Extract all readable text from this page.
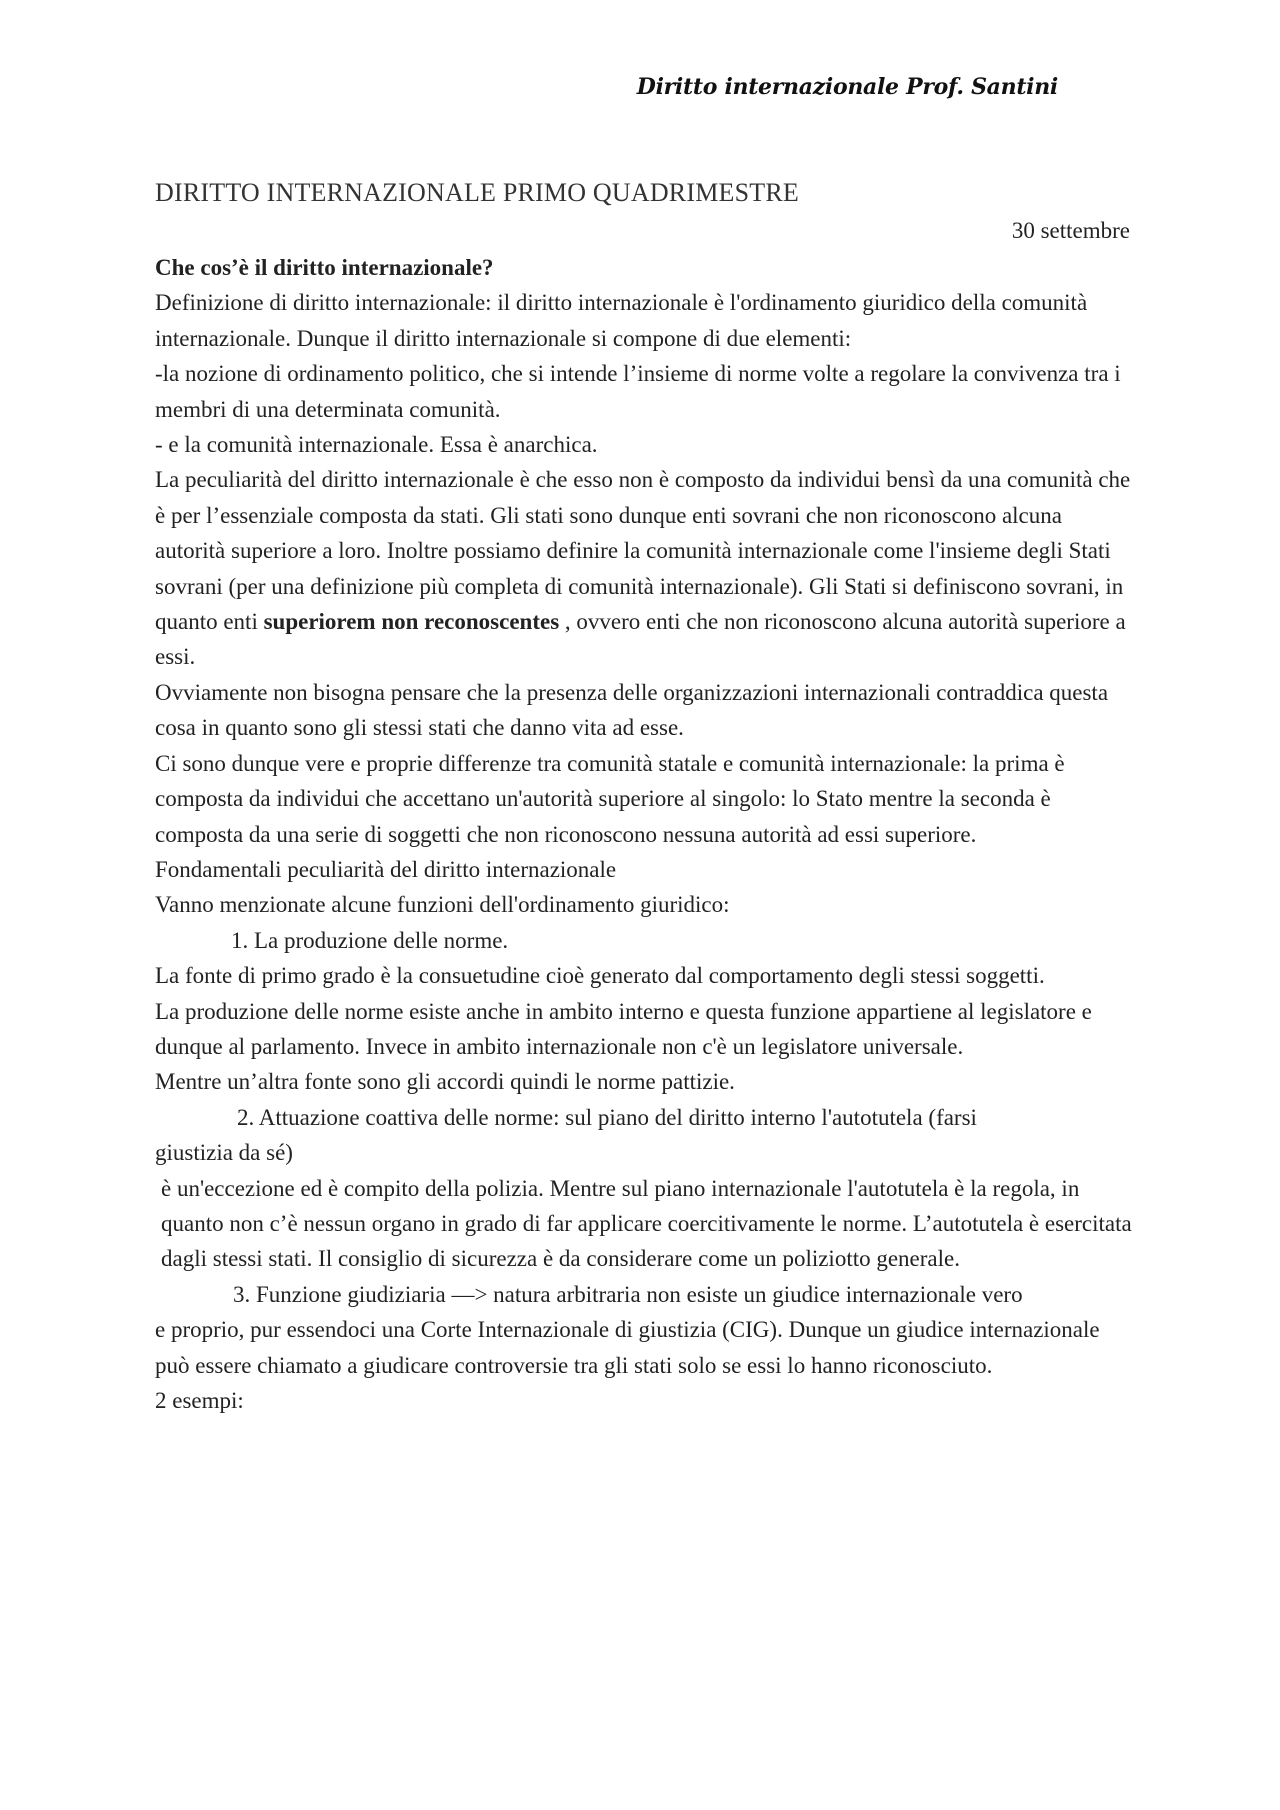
Diritto internazionale Prof. Santini
DIRITTO INTERNAZIONALE PRIMO QUADRIMESTRE
30 settembre

Che cos’è il diritto internazionale?

Definizione di diritto internazionale: il diritto internazionale è l'ordinamento giuridico della comunità internazionale. Dunque il diritto internazionale si compone di due elementi:

-la nozione di ordinamento politico, che si intende l’insieme di norme volte a regolare la convivenza tra i membri di una determinata comunità.

- e la comunità internazionale. Essa è anarchica.

La peculiarità del diritto internazionale è che esso non è composto da individui bensì da una comunità che è per l’essenziale composta da stati. Gli stati sono dunque enti sovrani che non riconoscono alcuna autorità superiore a loro. Inoltre possiamo definire la comunità internazionale come l'insieme degli Stati sovrani (per una definizione più completa di comunità internazionale). Gli Stati si definiscono sovrani, in quanto enti superiorem non reconoscentes , ovvero enti che non riconoscono alcuna autorità superiore a essi.

Ovviamente non bisogna pensare che la presenza delle organizzazioni internazionali contraddica questa cosa in quanto sono gli stessi stati che danno vita ad esse.

Ci sono dunque vere e proprie differenze tra comunità statale e comunità internazionale: la prima è composta da individui che accettano un'autorità superiore al singolo: lo Stato mentre la seconda è composta da una serie di soggetti che non riconoscono nessuna autorità ad essi superiore.

Fondamentali peculiarità del diritto internazionale

Vanno menzionate alcune funzioni dell'ordinamento giuridico:

1. La produzione delle norme.

La fonte di primo grado è la consuetudine cioè generato dal comportamento degli stessi soggetti.

La produzione delle norme esiste anche in ambito interno e questa funzione appartiene al legislatore e dunque al parlamento. Invece in ambito internazionale non c'è un legislatore universale.

Mentre un’altra fonte sono gli accordi quindi le norme pattizie.

2. Attuazione coattiva delle norme: sul piano del diritto interno l'autotutela (farsi

giustizia da sé)

è un'eccezione ed è compito della polizia. Mentre sul piano internazionale l'autotutela è la regola, in quanto non c’è nessun organo in grado di far applicare coercitivamente le norme. L’autotutela è esercitata dagli stessi stati. Il consiglio di sicurezza è da considerare come un poliziotto generale.

3. Funzione giudiziaria —> natura arbitraria non esiste un giudice internazionale vero

e proprio, pur essendoci una Corte Internazionale di giustizia (CIG). Dunque un giudice internazionale può essere chiamato a giudicare controversie tra gli stati solo se essi lo hanno riconosciuto.

2 esempi:
